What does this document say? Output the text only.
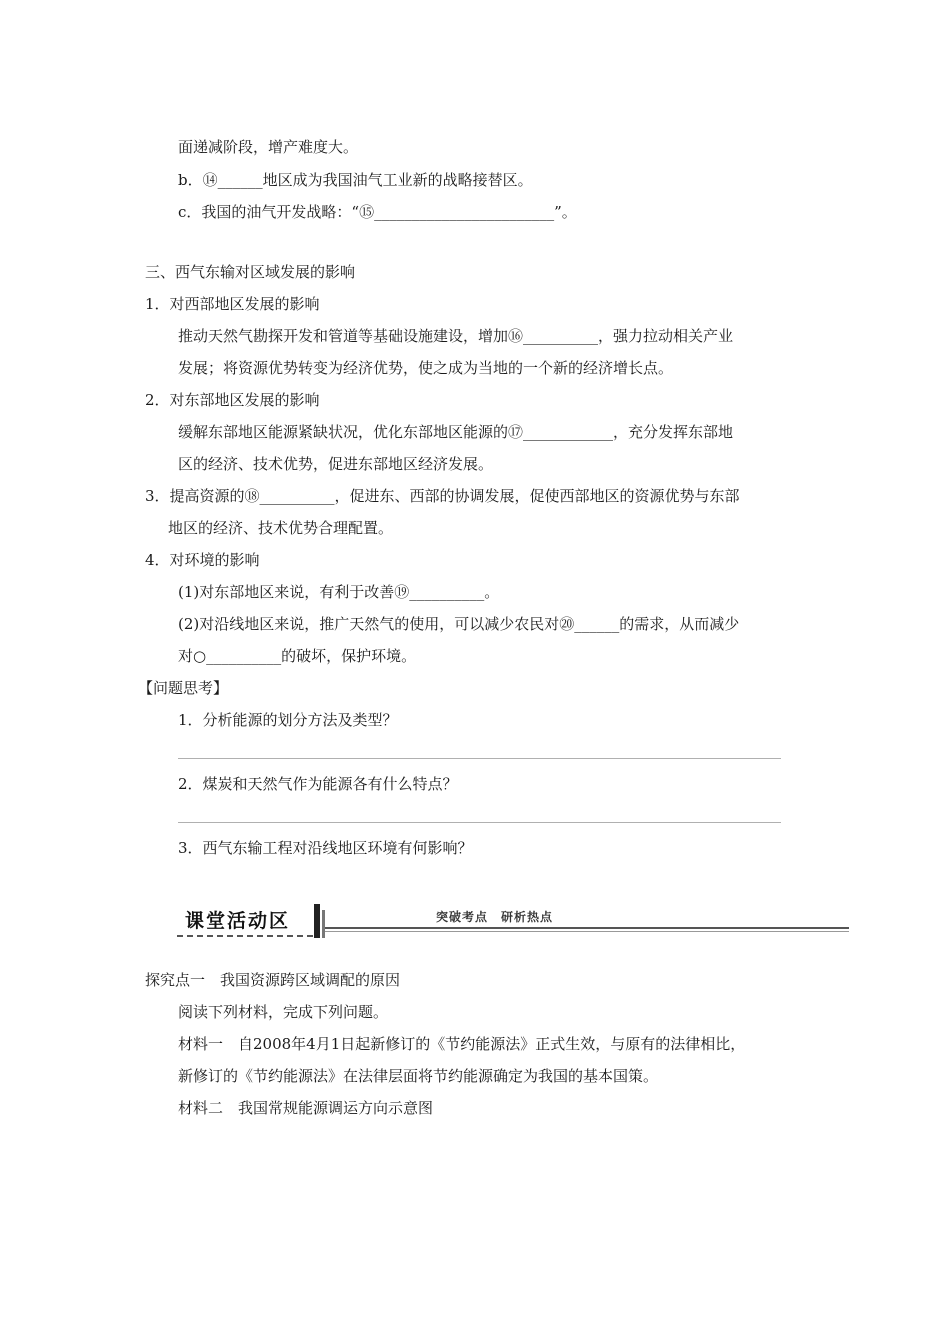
面递减阶段，增产难度大。
b．⑭______地区成为我国油气工业新的战略接替区。
c．我国的油气开发战略：“⑮________________________”。
三、西气东输对区域发展的影响
1．对西部地区发展的影响
推动天然气勘探开发和管道等基础设施建设，增加⑯__________，强力拉动相关产业
发展；将资源优势转变为经济优势，使之成为当地的一个新的经济增长点。
2．对东部地区发展的影响
缓解东部地区能源紧缺状况，优化东部地区能源的⑰____________，充分发挥东部地
区的经济、技术优势，促进东部地区经济发展。
3．提高资源的⑱__________，促进东、西部的协调发展，促使西部地区的资源优势与东部
地区的经济、技术优势合理配置。
4．对环境的影响
(1)对东部地区来说，有利于改善⑲__________。
(2)对沿线地区来说，推广天然气的使用，可以减少农民对⑳______的需求，从而减少
对○__________的破坏，保护环境。
【问题思考】
1．分析能源的划分方法及类型？
2．煤炭和天然气作为能源各有什么特点？
3．西气东输工程对沿线地区环境有何影响？
课堂活动区	突破考点　研析热点
探究点一　我国资源跨区域调配的原因
阅读下列材料，完成下列问题。
材料一　自2008年4月1日起新修订的《节约能源法》正式生效，与原有的法律相比，
新修订的《节约能源法》在法律层面将节约能源确定为我国的基本国策。
材料二　我国常规能源调运方向示意图
